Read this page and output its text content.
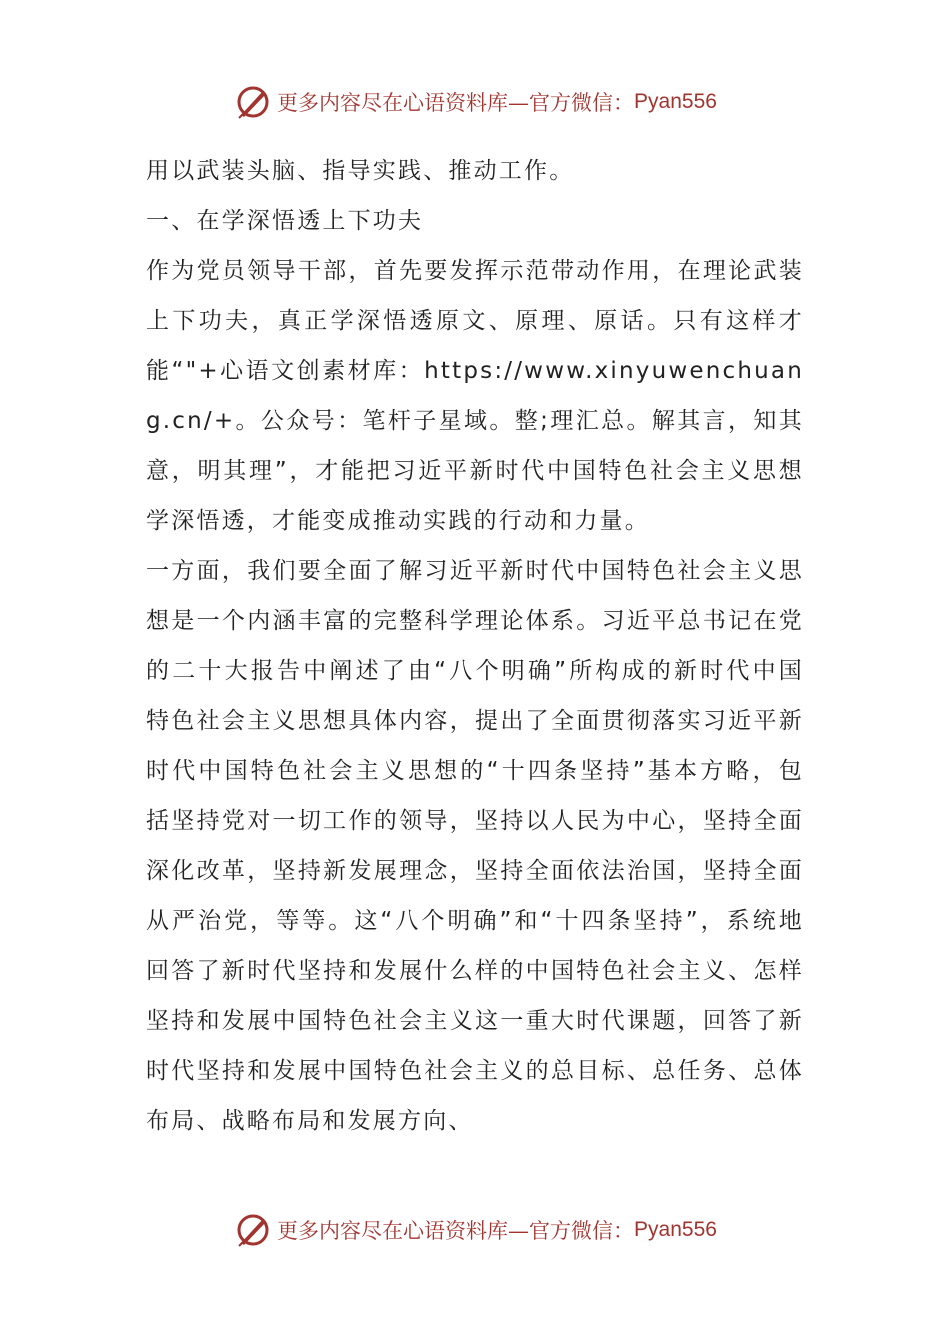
更多内容尽在心语资料库—官方微信： Pyan556

用以武装头脑、指导实践、推动工作。

一、在学深悟透上下功夫

作为党员领导干部，首先要发挥示范带动作用，在理论武装上下功夫，真正学深悟透原文、原理、原话。只有这样才能“"+心语文创素材库：https://www.xinyuwenchuang.cn/+。公众号：笔杆子星域。整;理汇总。解其言，知其意，明其理”，才能把习近平新时代中国特色社会主义思想学深悟透，才能变成推动实践的行动和力量。

一方面，我们要全面了解习近平新时代中国特色社会主义思想是一个内涵丰富的完整科学理论体系。习近平总书记在党的二十大报告中阐述了由“八个明确”所构成的新时代中国特色社会主义思想具体内容，提出了全面贯彻落实习近平新时代中国特色社会主义思想的“十四条坚持”基本方略，包括坚持党对一切工作的领导，坚持以人民为中心，坚持全面深化改革，坚持新发展理念，坚持全面依法治国，坚持全面从严治党，等等。这“八个明确”和“十四条坚持”，系统地回答了新时代坚持和发展什么样的中国特色社会主义、怎样坚持和发展中国特色社会主义这一重大时代课题，回答了新时代坚持和发展中国特色社会主义的总目标、总任务、总体布局、战略布局和发展方向、

更多内容尽在心语资料库—官方微信： Pyan556
